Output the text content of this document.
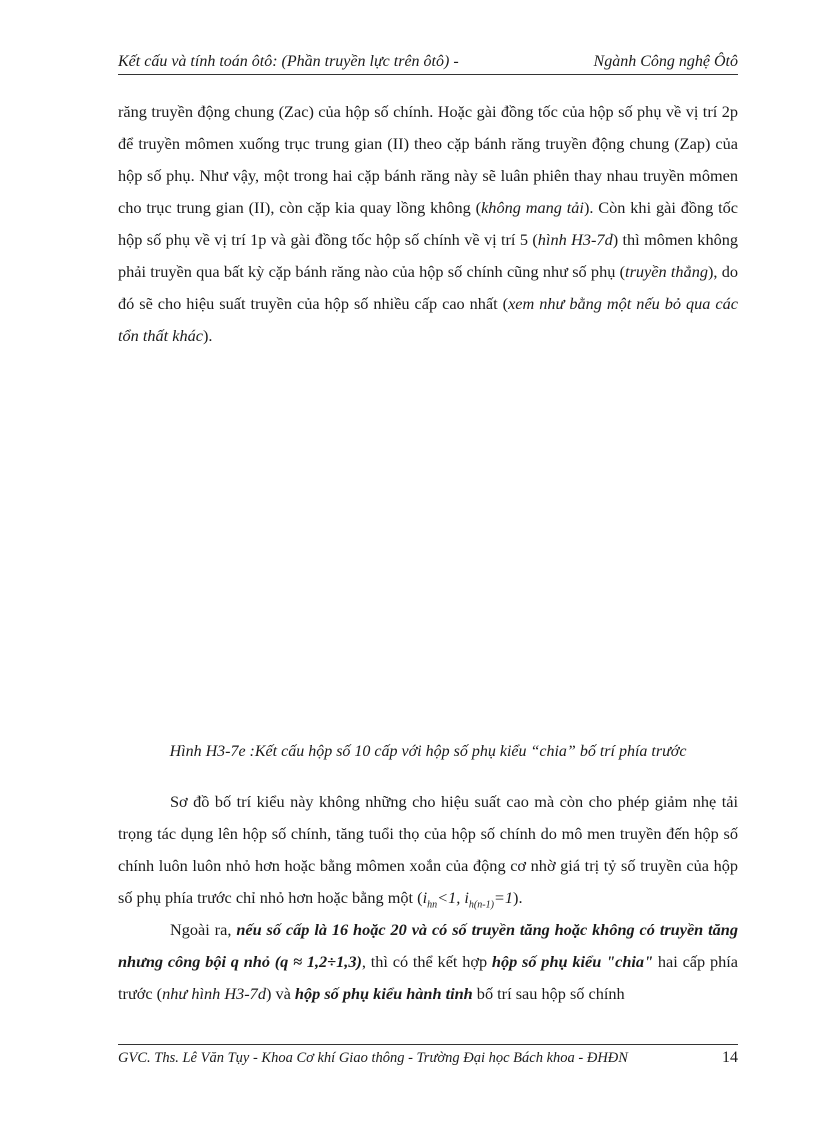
Kết cấu và tính toán ôtô: (Phần truyền lực trên ôtô) -	Ngành Công nghệ Ôtô

răng truyền động chung (Zac) của hộp số chính. Hoặc gài đồng tốc của hộp số phụ về vị trí 2p để truyền mômen xuống trục trung gian (II) theo cặp bánh răng truyền động chung (Zap) của hộp số phụ. Như vậy, một trong hai cặp bánh răng này sẽ luân phiên thay nhau truyền mômen cho trục trung gian (II), còn cặp kia quay lồng không (không mang tải). Còn khi gài đồng tốc hộp số phụ về vị trí 1p và gài đồng tốc hộp số chính về vị trí 5 (hình H3-7d) thì mômen không phải truyền qua bất kỳ cặp bánh răng nào của hộp số chính cũng như số phụ (truyền thẳng), do đó sẽ cho hiệu suất truyền của hộp số nhiều cấp cao nhất (xem như bằng một nếu bỏ qua các tổn thất khác).

Hình H3-7e :Kết cấu hộp số 10 cấp với hộp số phụ kiểu “chia” bố trí phía trước

Sơ đồ bố trí kiểu này không những cho hiệu suất cao mà còn cho phép giảm nhẹ tải trọng tác dụng lên hộp số chính, tăng tuổi thọ của hộp số chính do mô men truyền đến hộp số chính luôn luôn nhỏ hơn hoặc bằng mômen xoắn của động cơ nhờ giá trị tỷ số truyền của hộp số phụ phía trước chỉ nhỏ hơn hoặc bằng một ($i_{hn}<1$, $i_{h(n-1)}=1$).

Ngoài ra, nếu số cấp là 16 hoặc 20 và có số truyền tăng hoặc không có truyền tăng nhưng công bội q nhỏ (q ≈ 1,2÷1,3), thì có thể kết hợp hộp số phụ kiểu "chia" hai cấp phía trước (như hình H3-7d) và hộp số phụ kiểu hành tinh bố trí sau hộp số chính

GVC. Ths. Lê Văn Tụy - Khoa Cơ khí Giao thông - Trường Đại học Bách khoa - ĐHĐN	14
